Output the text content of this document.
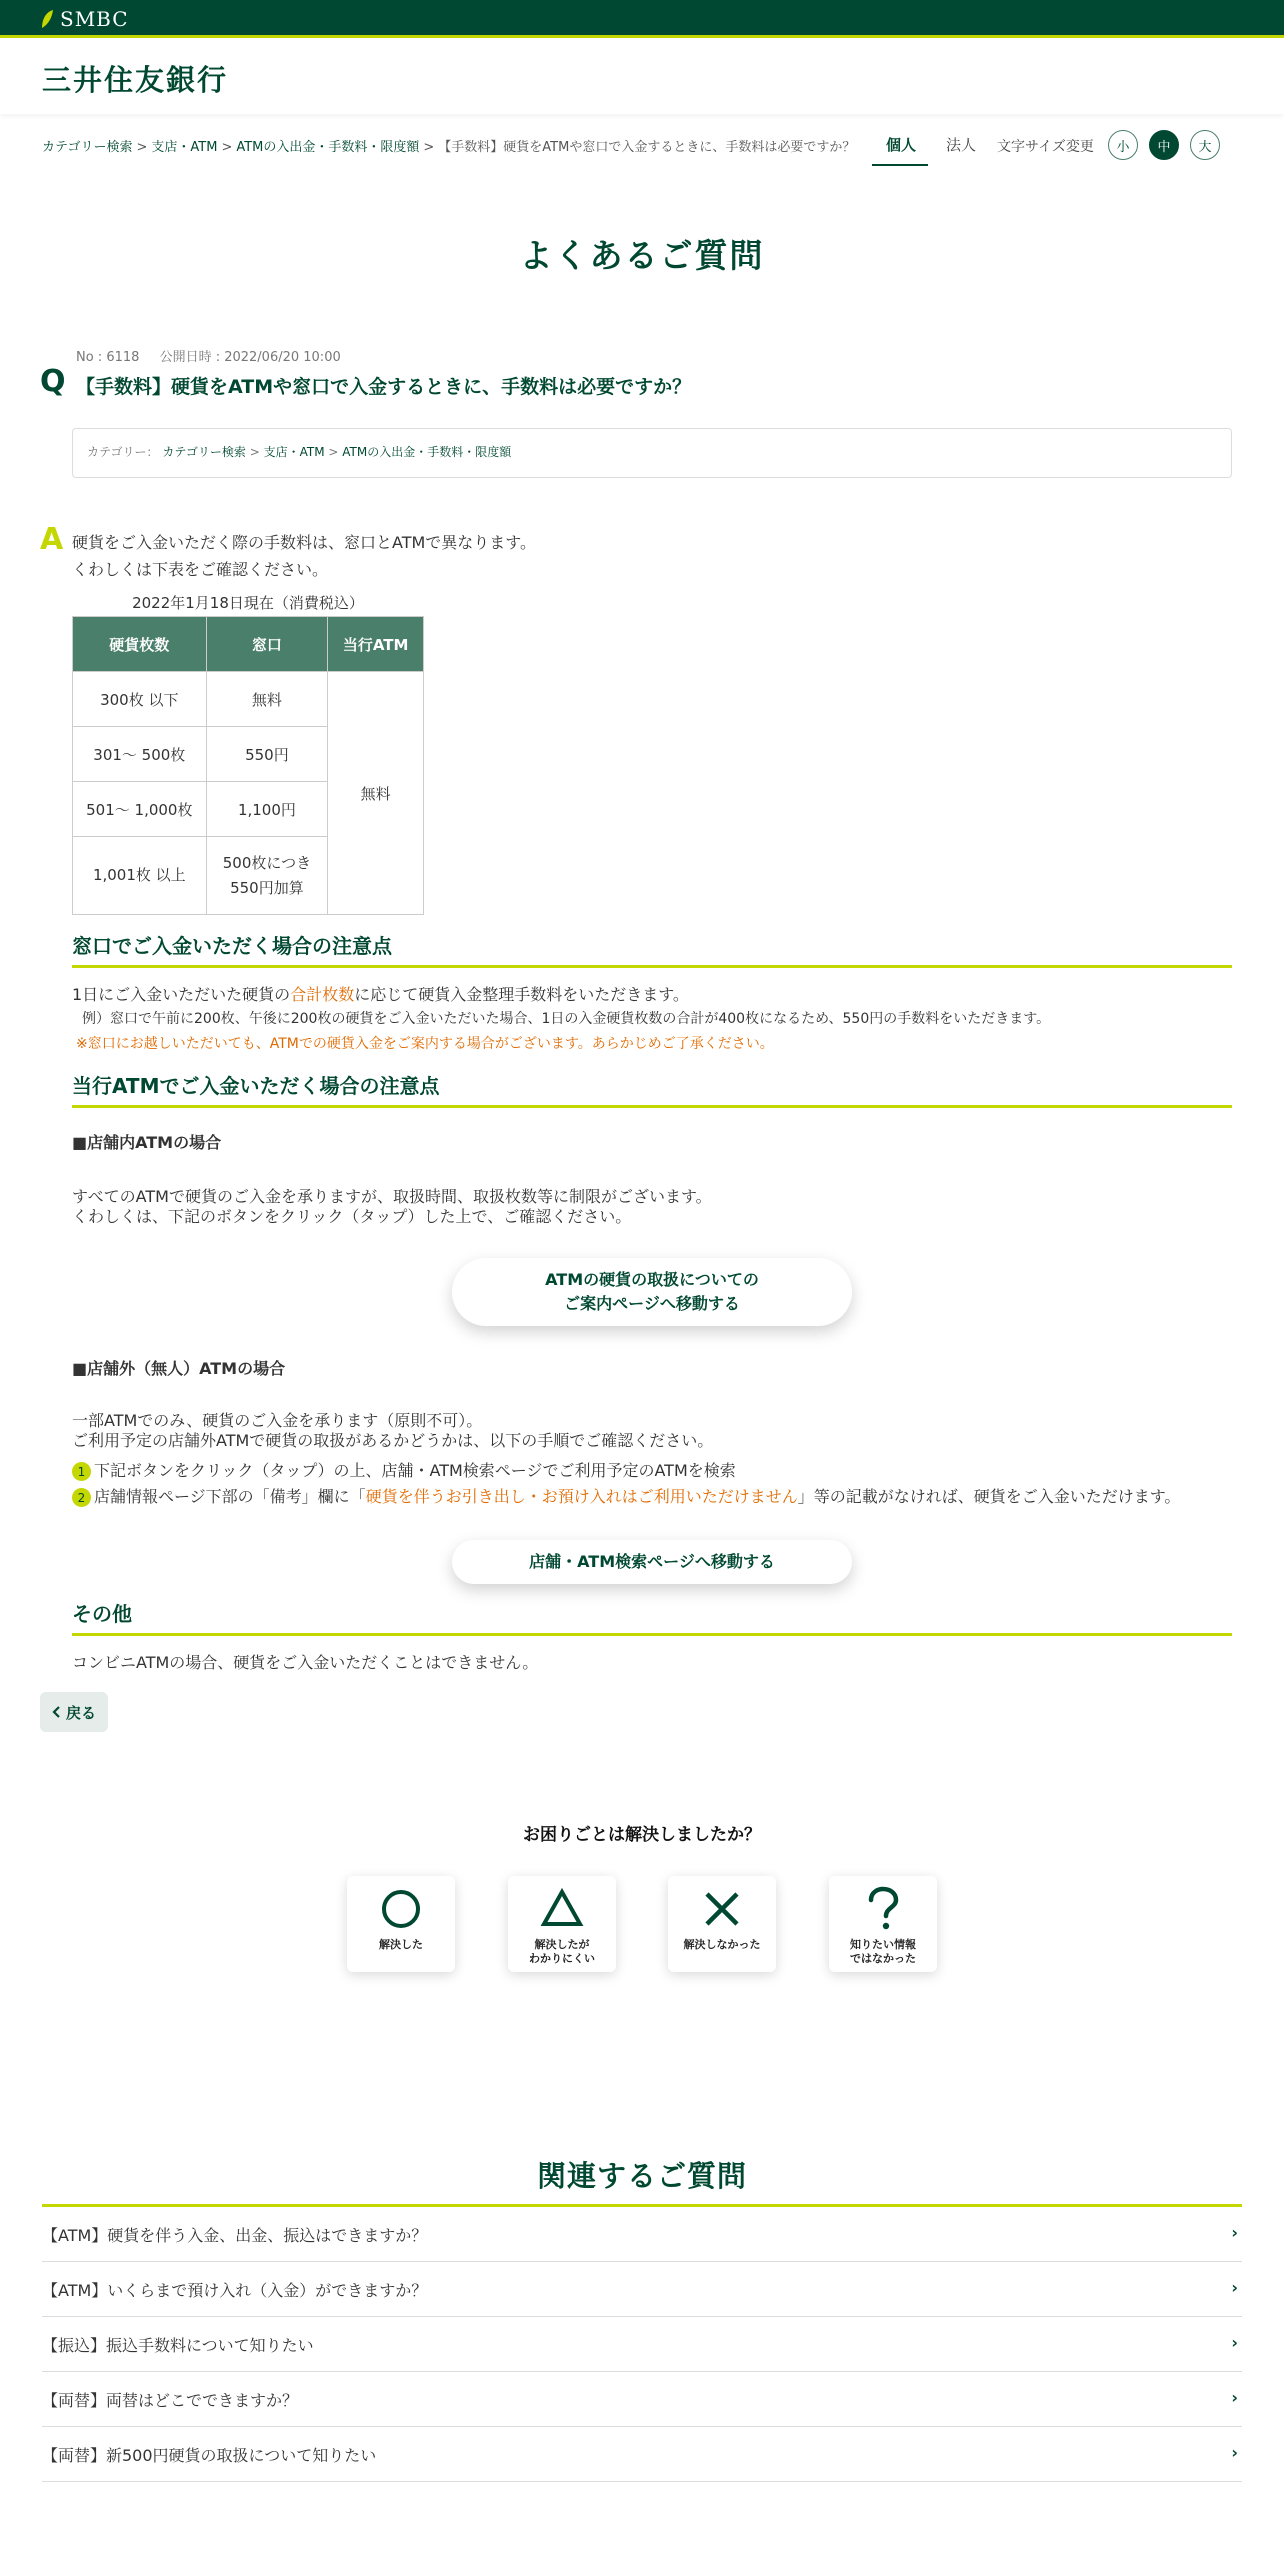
SMBC
三井住友銀行
カテゴリー検索 > 支店・ATM > ATMの入出金・手数料・限度額 > 【手数料】硬貨をATMや窓口で入金するときに、手数料は必要ですか？ 個人 法人 文字サイズ変更	小	中	大
よくあるご質問
No : 6118 公開日時 : 2022/06/20 10:00
Q 【手数料】硬貨をATMや窓口で入金するときに、手数料は必要ですか？
カテゴリー： カテゴリー検索 > 支店・ATM > ATMの入出金・手数料・限度額
A 硬貨をご入金いただく際の手数料は、窓口とATMで異なります。

くわしくは下表をご確認ください。

2022年1月18日現在（消費税込）
硬貨枚数	窓口	当行ATM
300枚 以下	無料	無料
301～ 500枚	550円	
501～ 1,000枚	1,100円	
1,001枚 以上	500枚につき
550円加算	
窓口でご入金いただく場合の注意点

1日にご入金いただいた硬貨の合計枚数に応じて硬貨入金整理手数料をいただきます。

例）窓口で午前に200枚、午後に200枚の硬貨をご入金いただいた場合、1日の入金硬貨枚数の合計が400枚になるため、550円の手数料をいただきます。

※窓口にお越しいただいても、ATMでの硬貨入金をご案内する場合がございます。あらかじめご了承ください。

当行ATMでご入金いただく場合の注意点

■店舗内ATMの場合

すべてのATMで硬貨のご入金を承りますが、取扱時間、取扱枚数等に制限がございます。

くわしくは、下記のボタンをクリック（タップ）した上で、ご確認ください。

ATMの硬貨の取扱についての
ご案内ページへ移動する

■店舗外（無人）ATMの場合

一部ATMでのみ、硬貨のご入金を承ります（原則不可）。

ご利用予定の店舗外ATMで硬貨の取扱があるかどうかは、以下の手順でご確認ください。

1 下記ボタンをクリック（タップ）の上、店舗・ATM検索ページでご利用予定のATMを検索

2 店舗情報ページ下部の「備考」欄に「硬貨を伴うお引き出し・お預け入れはご利用いただけません」等の記載がなければ、硬貨をご入金いただけます。

店舗・ATM検索ページへ移動する
その他

コンビニATMの場合、硬貨をご入金いただくことはできません。

戻る

お困りごとは解決しましたか？

解決した	解決したが
わかりにくい
解決しなかった	知りたい情報
ではなかった
関連するご質問
【ATM】硬貨を伴う入金、出金、振込はできますか？	›
【ATM】いくらまで預け入れ（入金）ができますか？	›
【振込】振込手数料について知りたい	›
【両替】両替はどこでできますか？	›
【両替】新500円硬貨の取扱について知りたい	›
